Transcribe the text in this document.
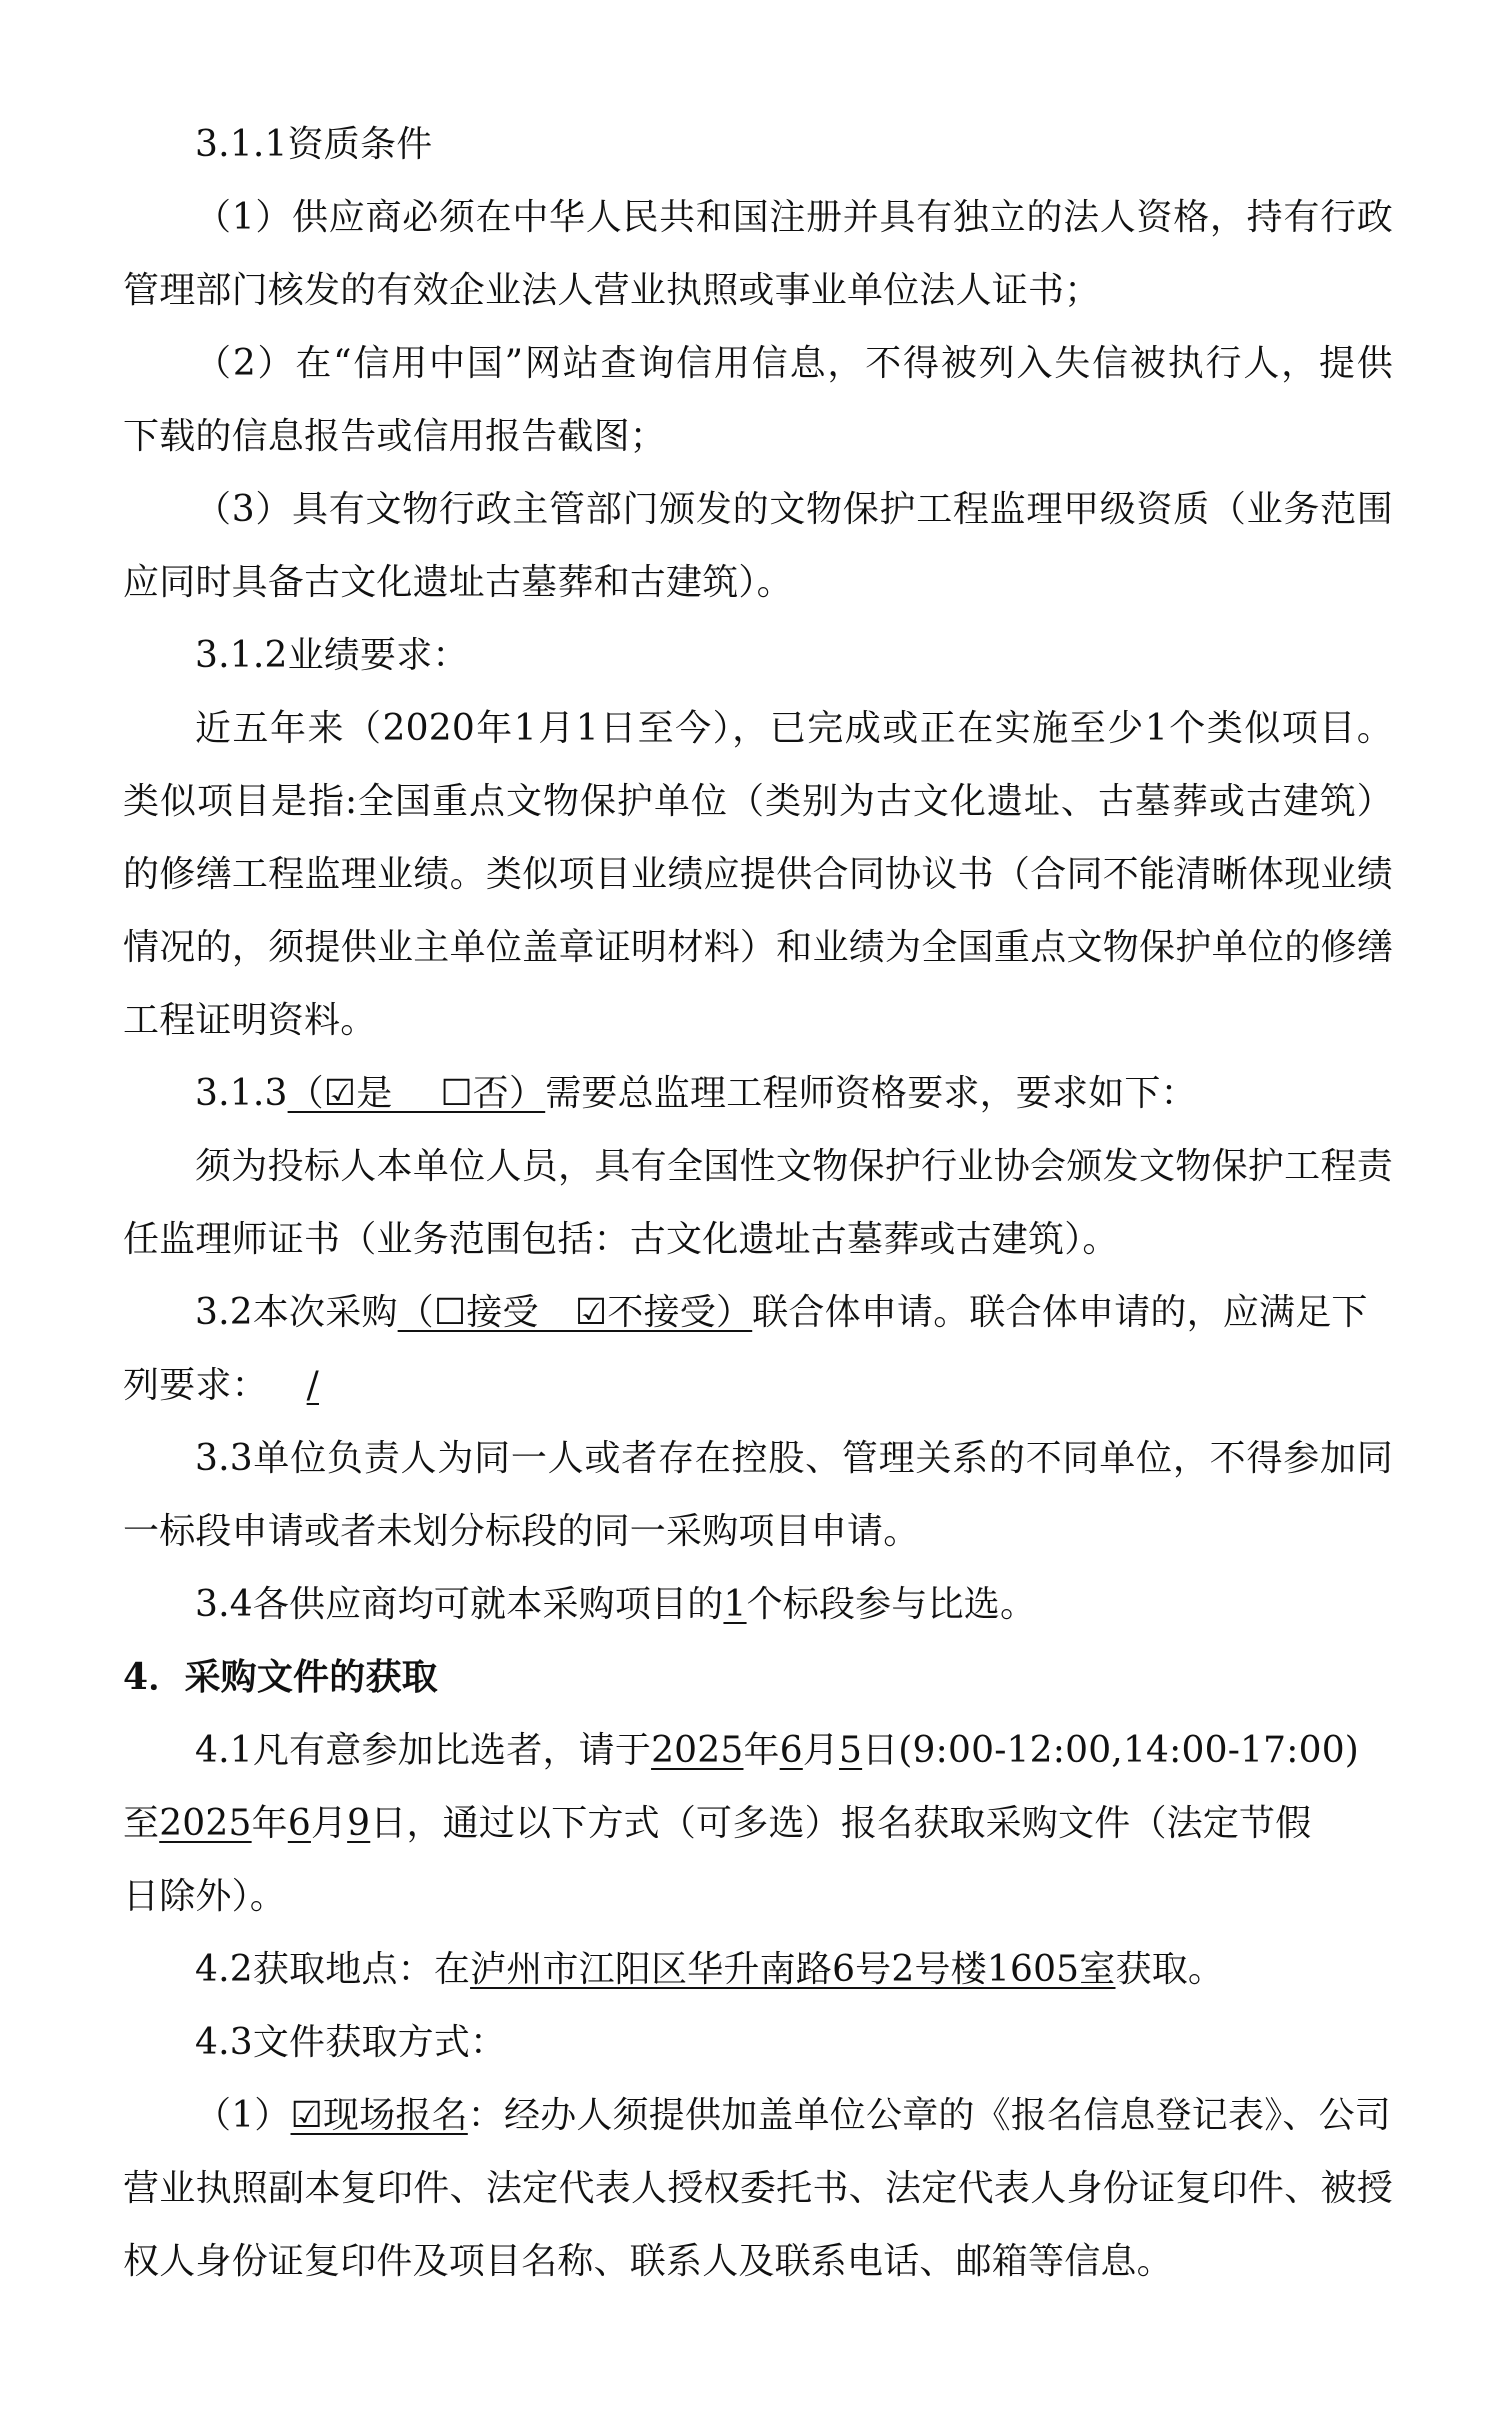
3.1.1资质条件
（1）供应商必须在中华人民共和国注册并具有独立的法人资格，持有行政
管理部门核发的有效企业法人营业执照或事业单位法人证书；
（2）在“信用中国”网站查询信用信息，不得被列入失信被执行人，提供
下载的信息报告或信用报告截图；
（3）具有文物行政主管部门颁发的文物保护工程监理甲级资质（业务范围
应同时具备古文化遗址古墓葬和古建筑）。
3.1.2业绩要求：
近五年来（2020年1月1日至今），已完成或正在实施至少1个类似项目。
类似项目是指:全国重点文物保护单位（类别为古文化遗址、古墓葬或古建筑）
的修缮工程监理业绩。类似项目业绩应提供合同协议书（合同不能清晰体现业绩
情况的，须提供业主单位盖章证明材料）和业绩为全国重点文物保护单位的修缮
工程证明资料。
3.1.3（☑是　 ☐否）需要总监理工程师资格要求，要求如下：
须为投标人本单位人员，具有全国性文物保护行业协会颁发文物保护工程责
任监理师证书（业务范围包括：古文化遗址古墓葬或古建筑）。
3.2本次采购（☐接受　☑不接受）联合体申请。联合体申请的，应满足下
列要求： /
3.3单位负责人为同一人或者存在控股、管理关系的不同单位，不得参加同
一标段申请或者未划分标段的同一采购项目申请。
3.4各供应商均可就本采购项目的1个标段参与比选。
4．采购文件的获取
4.1凡有意参加比选者，请于2025年6月5日(9:00-12:00,14:00-17:00)
至2025年6月9日，通过以下方式（可多选）报名获取采购文件（法定节假
日除外）。
4.2获取地点：在泸州市江阳区华升南路6号2号楼1605室获取。
4.3文件获取方式：
（1）☑现场报名：经办人须提供加盖单位公章的《报名信息登记表》、公司
营业执照副本复印件、法定代表人授权委托书、法定代表人身份证复印件、被授
权人身份证复印件及项目名称、联系人及联系电话、邮箱等信息。
